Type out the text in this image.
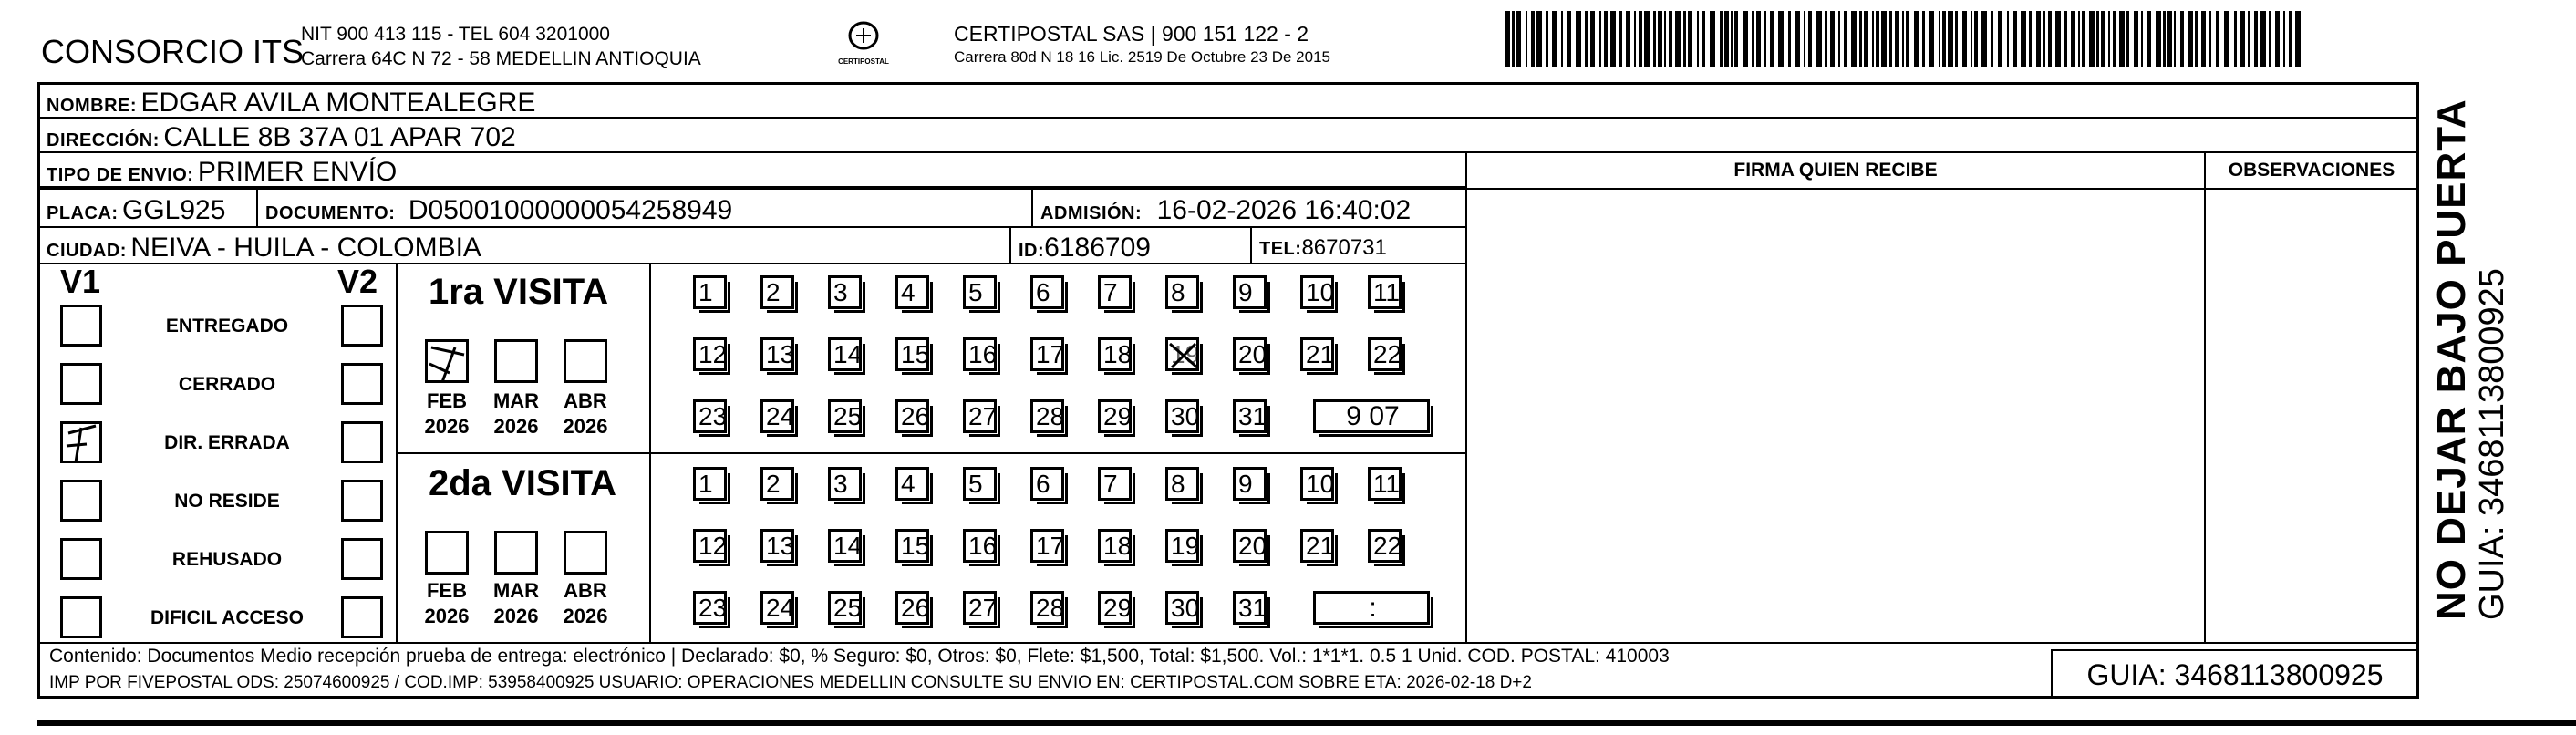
CONSORCIO ITS
NIT 900 413 115 - TEL 604 3201000
Carrera 64C N 72 - 58 MEDELLIN ANTIOQUIA	CERTIPOSTAL
CERTIPOSTAL SAS | 900 151 122 - 2
Carrera 80d N 18 16 Lic. 2519 De Octubre 23 De 2015
NOMBRE: EDGAR AVILA MONTEALEGRE
DIRECCIÓN: CALLE 8B 37A 01 APAR 702
TIPO DE ENVIO: PRIMER ENVÍO
PLACA: GGL925 DOCUMENTO: D05001000000054258949	ADMISIÓN: 16-02-2026 16:40:02
CIUDAD: NEIVA - HUILA - COLOMBIA	ID:6186709	TEL:8670731
FIRMA QUIEN RECIBE	OBSERVACIONES
V1	V2
ENTREGADO
CERRADO
DIR. ERRADA
NO RESIDE
REHUSADO
DIFICIL ACCESO
1ra VISITA
2da VISITA
FEB
2026
MAR
2026
ABR
2026
FEB
2026
MAR
2026
ABR
2026
1	2	3	4	5	6	7	8	9	10 11
12 13 14 15 16 17 18 19 20 21 22
23 24 25 26 27 28 29 30 31	9 07
1	2	3	4	5	6	7	8	9	10 11
12 13 14 15 16 17 18 19 20 21 22
23 24 25 26 27 28 29 30 31	:
Contenido: Documentos Medio recepción prueba de entrega: electrónico | Declarado: $0, % Seguro: $0, Otros: $0, Flete: $1,500, Total: $1,500. Vol.: 1*1*1. 0.5 1 Unid. COD. POSTAL: 410003
IMP POR FIVEPOSTAL ODS: 25074600925 / COD.IMP: 53958400925 USUARIO: OPERACIONES MEDELLIN CONSULTE SU ENVIO EN: CERTIPOSTAL.COM SOBRE ETA: 2026-02-18 D+2	GUIA: 3468113800925
NO DEJAR BAJO PUERTA GUIA: 3468113800925
